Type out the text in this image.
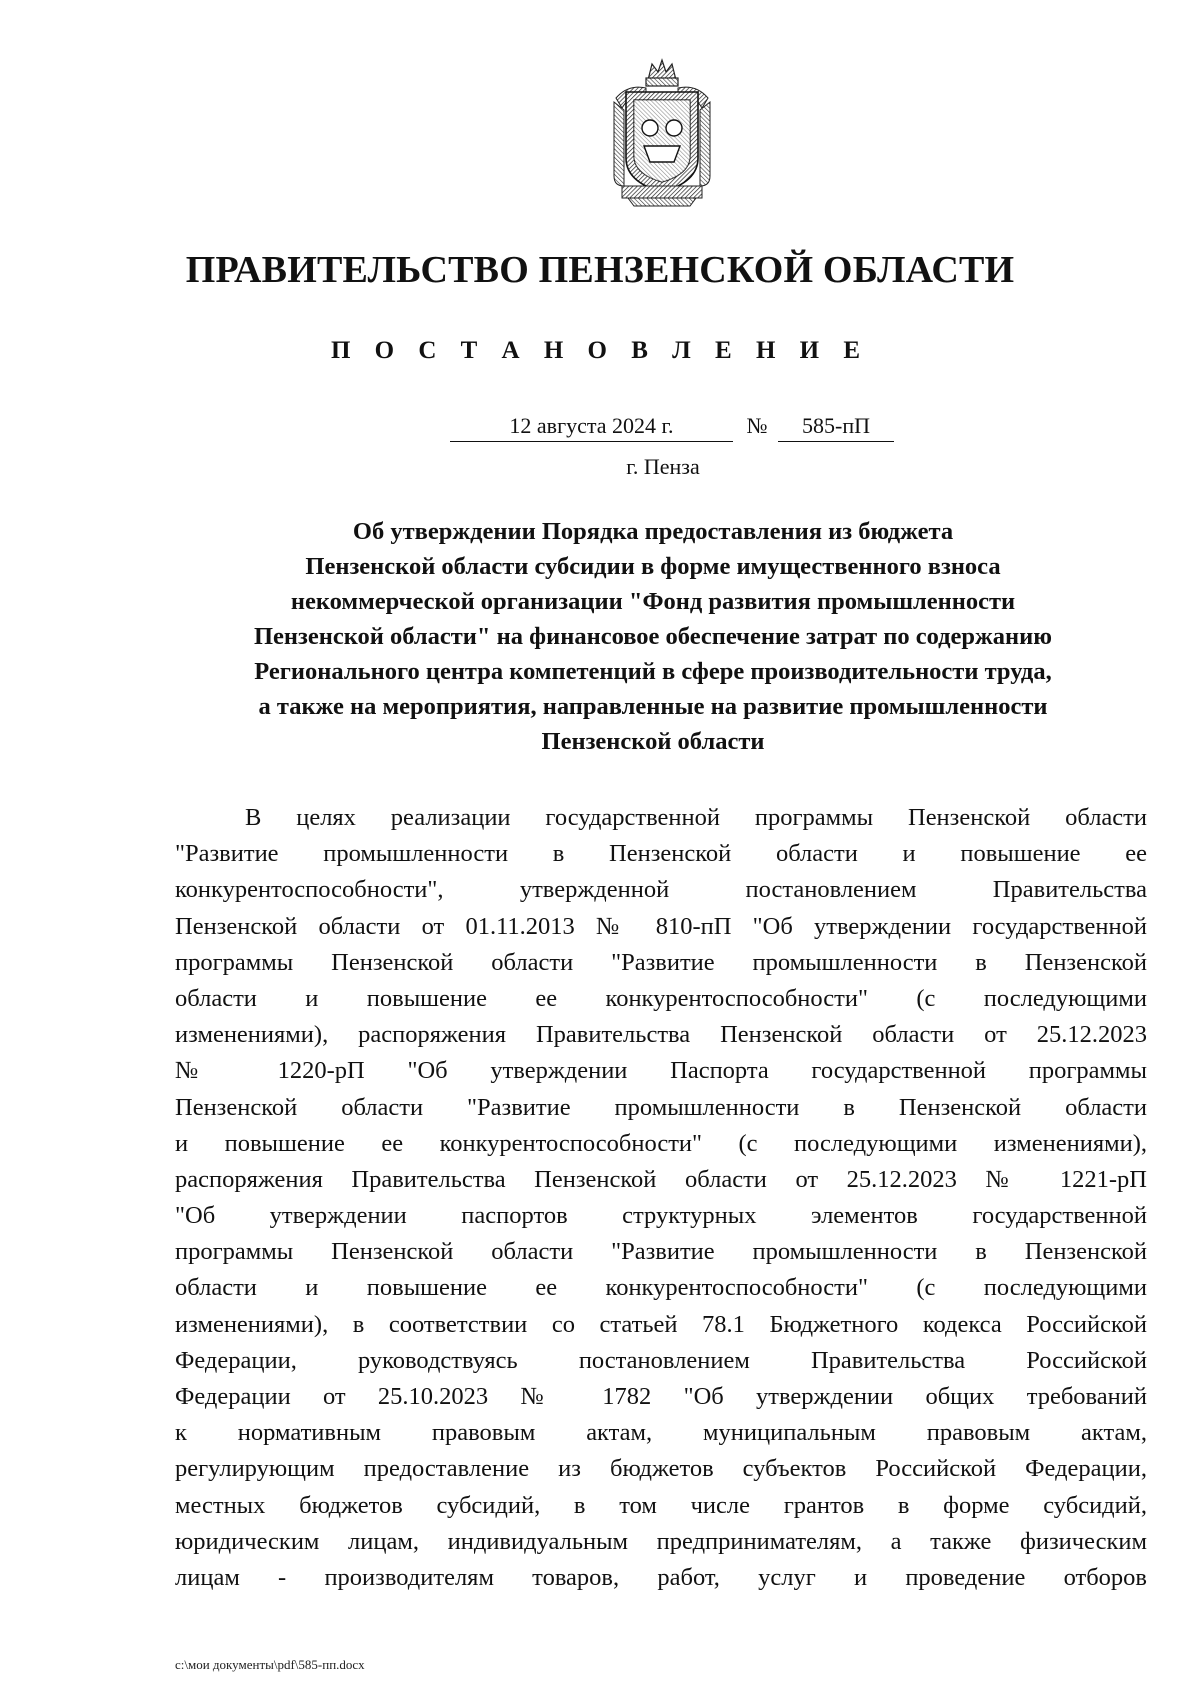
ПРАВИТЕЛЬСТВО ПЕНЗЕНСКОЙ ОБЛАСТИ
П О С Т А Н О В Л Е Н И Е
12 августа 2024 г.	№	585-пП
г. Пенза
Об утверждении Порядка предоставления из бюджета
Пензенской области субсидии в форме имущественного взноса
некоммерческой организации "Фонд развития промышленности
Пензенской области" на финансовое обеспечение затрат по содержанию
Регионального центра компетенций в сфере производительности труда,
а также на мероприятия, направленные на развитие промышленности
Пензенской области
В целях реализации государственной программы Пензенской области
"Развитие промышленности в Пензенской области и повышение ее
конкурентоспособности", утвержденной постановлением Правительства
Пензенской области от 01.11.2013 № 810-пП "Об утверждении государственной
программы Пензенской области "Развитие промышленности в Пензенской
области и повышение ее конкурентоспособности" (с последующими
изменениями), распоряжения Правительства Пензенской области от 25.12.2023
№ 1220-рП "Об утверждении Паспорта государственной программы
Пензенской области "Развитие промышленности в Пензенской области
и повышение ее конкурентоспособности" (с последующими изменениями),
распоряжения Правительства Пензенской области от 25.12.2023 № 1221-рП
"Об утверждении паспортов структурных элементов государственной
программы Пензенской области "Развитие промышленности в Пензенской
области и повышение ее конкурентоспособности" (с последующими
изменениями), в соответствии со статьей 78.1 Бюджетного кодекса Российской
Федерации, руководствуясь постановлением Правительства Российской
Федерации от 25.10.2023 № 1782 "Об утверждении общих требований
к нормативным правовым актам, муниципальным правовым актам,
регулирующим предоставление из бюджетов субъектов Российской Федерации,
местных бюджетов субсидий, в том числе грантов в форме субсидий,
юридическим лицам, индивидуальным предпринимателям, а также физическим
лицам - производителям товаров, работ, услуг и проведение отборов
c:\мои документы\pdf\585-пп.docx
